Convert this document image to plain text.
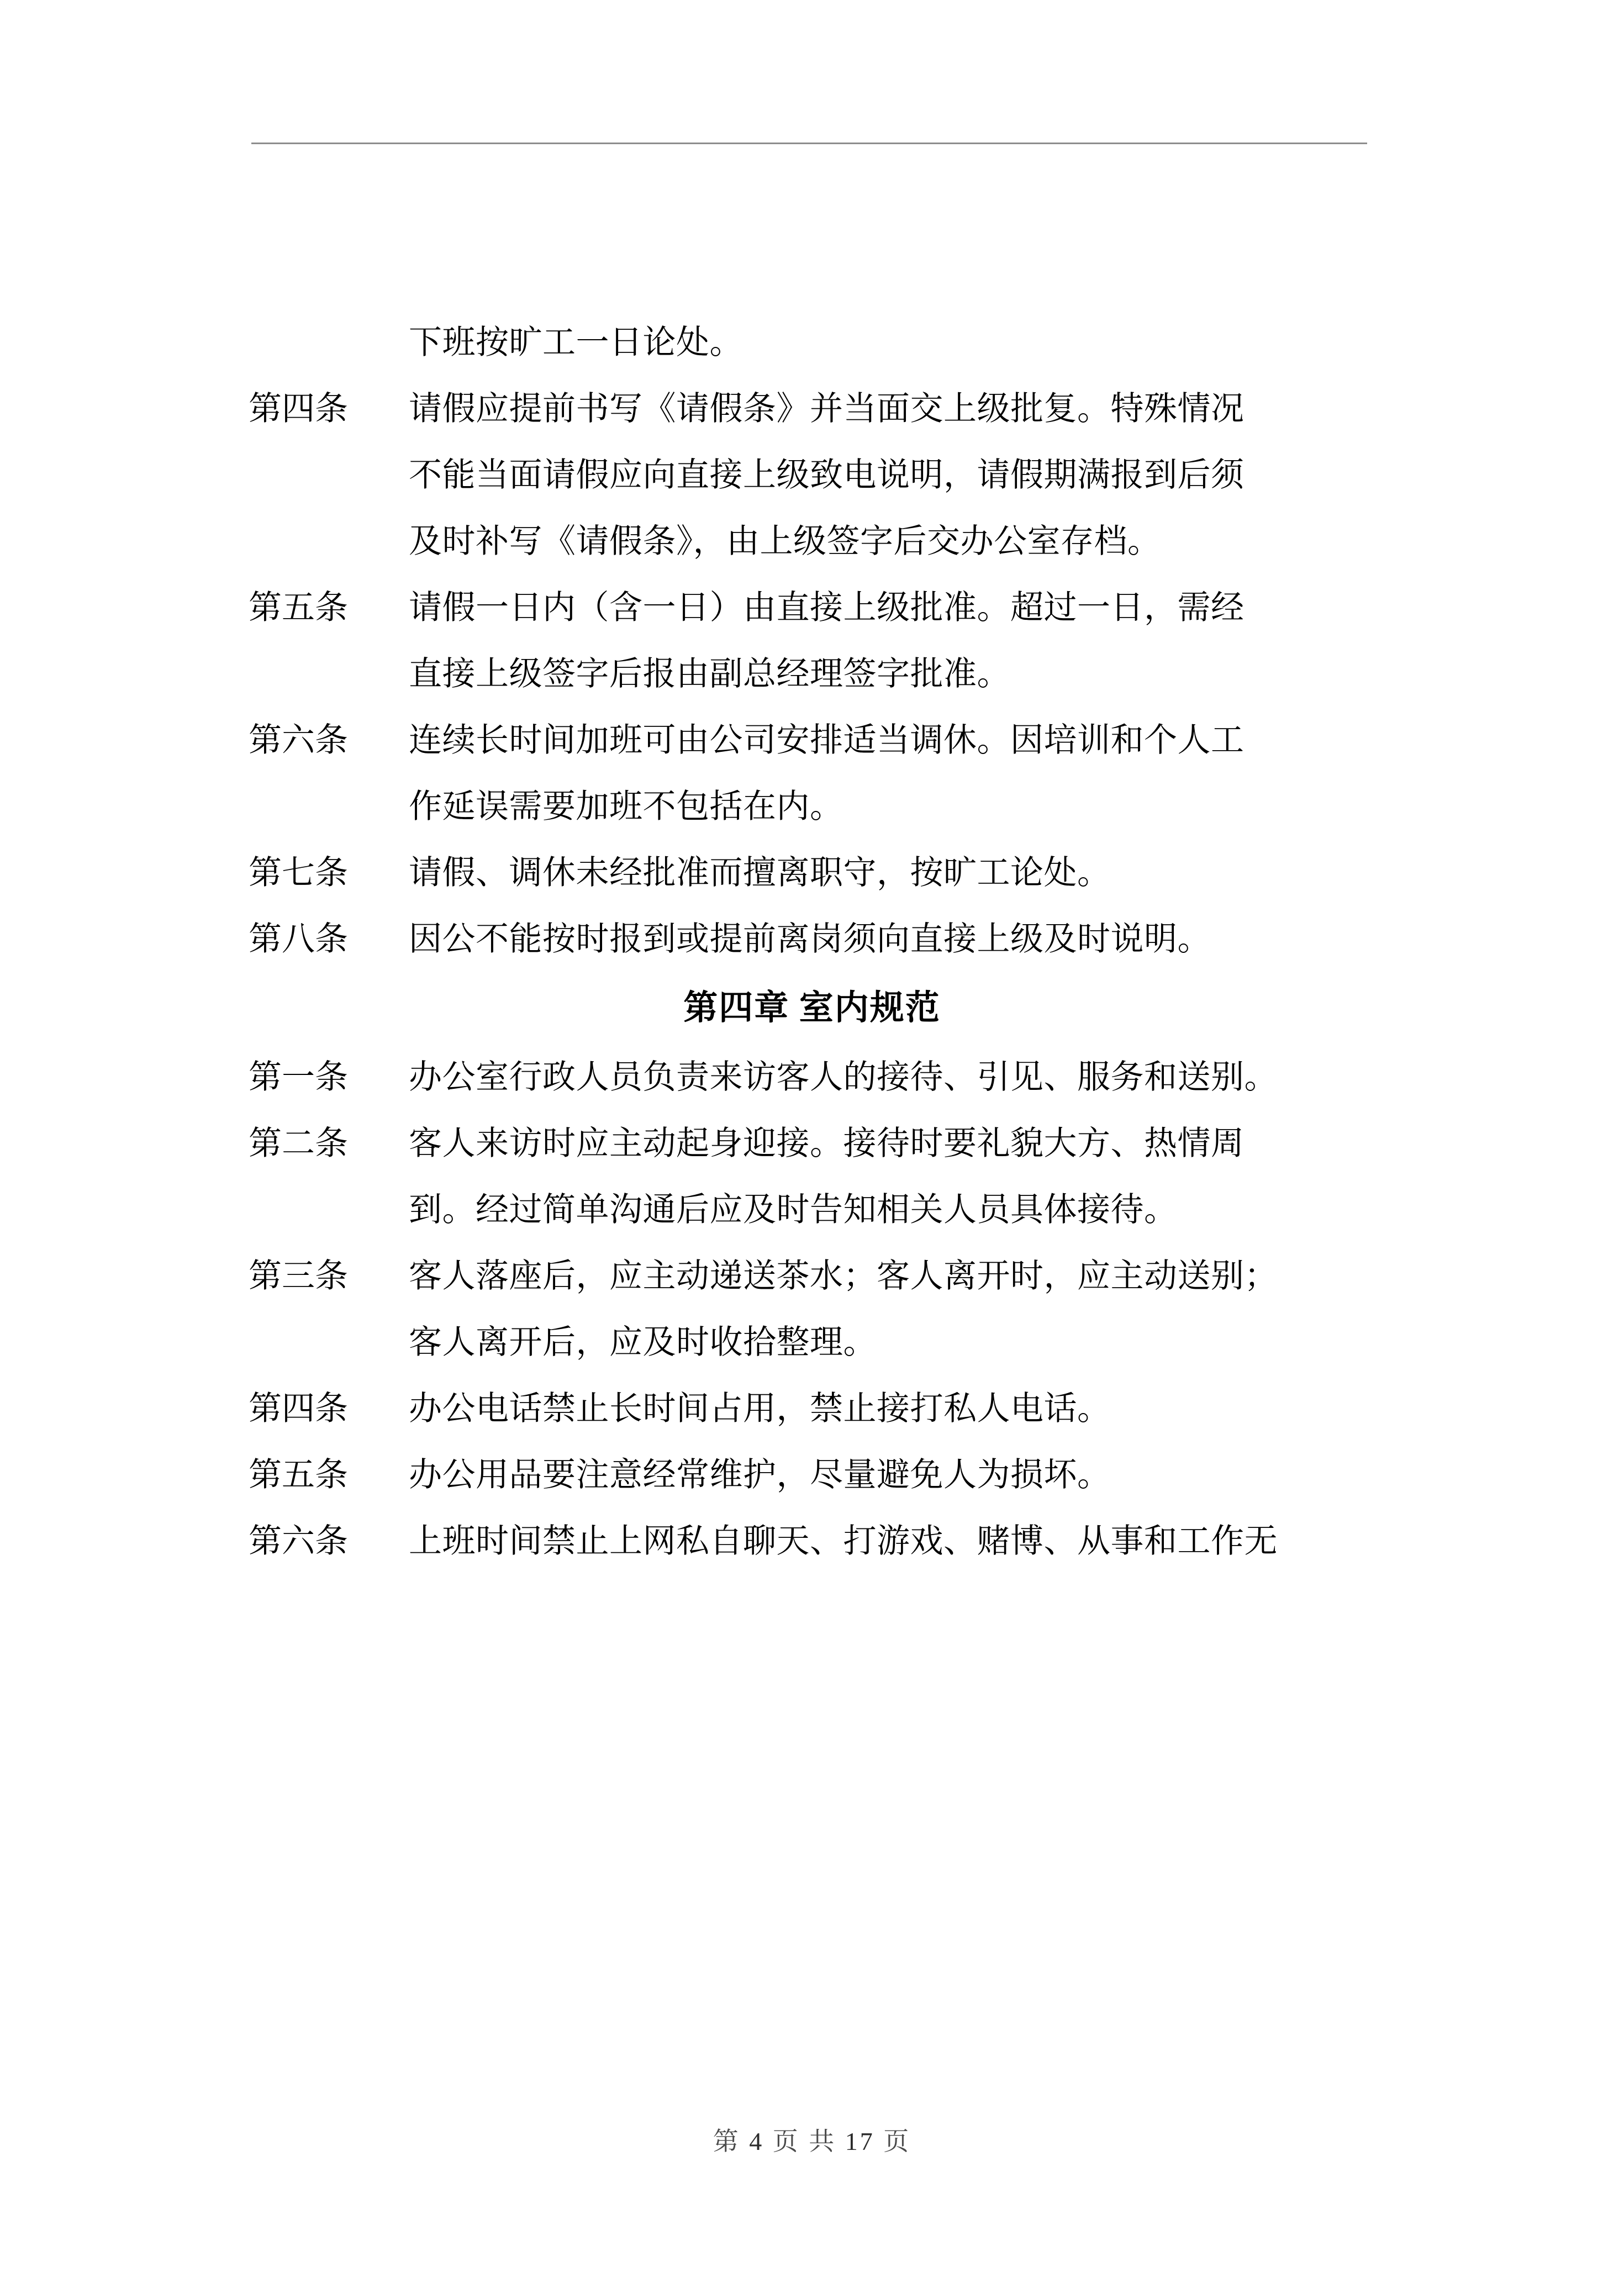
下班按旷工一日论处。
第四条	请假应提前书写《请假条》并当面交上级批复。特殊情况
不能当面请假应向直接上级致电说明，请假期满报到后须
及时补写《请假条》，由上级签字后交办公室存档。
第五条	请假一日内（含一日）由直接上级批准。超过一日，需经
直接上级签字后报由副总经理签字批准。
第六条	连续长时间加班可由公司安排适当调休。因培训和个人工
作延误需要加班不包括在内。
第七条	请假、调休未经批准而擅离职守，按旷工论处。
第八条	因公不能按时报到或提前离岗须向直接上级及时说明。
第四章 室内规范
第一条	办公室行政人员负责来访客人的接待、引见、服务和送别。
第二条	客人来访时应主动起身迎接。接待时要礼貌大方、热情周
到。经过简单沟通后应及时告知相关人员具体接待。
第三条	客人落座后，应主动递送茶水；客人离开时，应主动送别；
客人离开后，应及时收拾整理。
第四条	办公电话禁止长时间占用，禁止接打私人电话。
第五条	办公用品要注意经常维护，尽量避免人为损坏。
第六条	上班时间禁止上网私自聊天、打游戏、赌博、从事和工作无
第 4 页 共 17 页
